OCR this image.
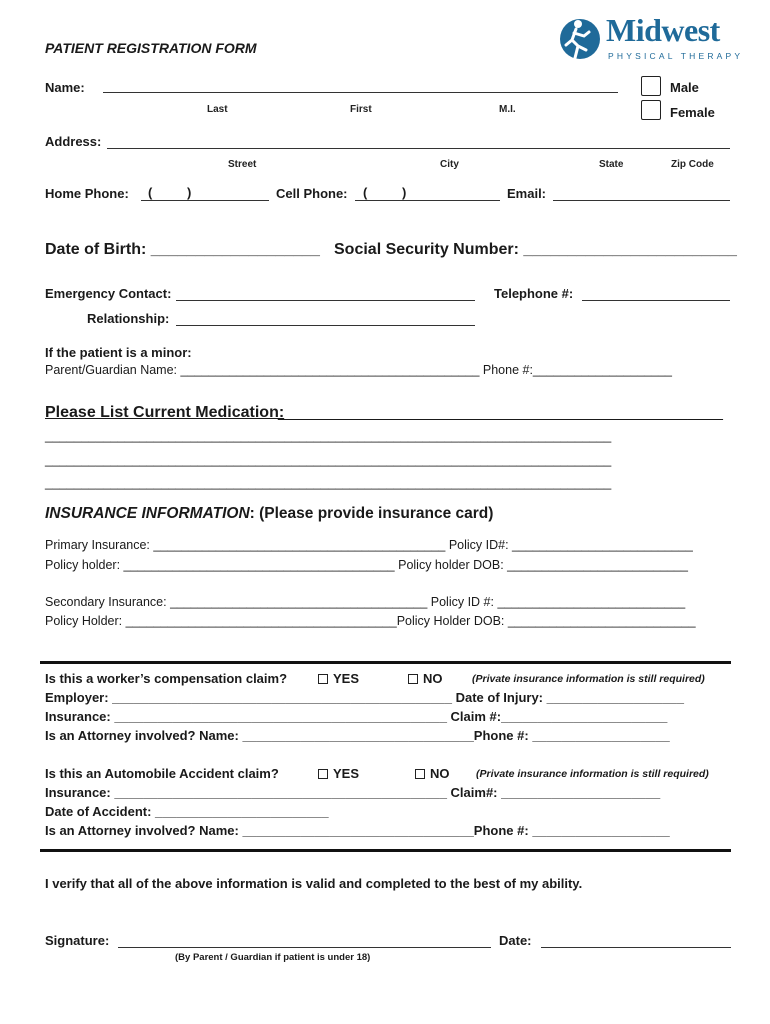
PATIENT REGISTRATION FORM	Midwest
PHYSICAL THERAPY
Name:
Last	First	M.I.
Male
Female
Address:
Street	City	State	Zip Code
Home Phone: (	)	Cell Phone: (	)	Email:
Date of Birth: ___________________ Social Security Number: ________________________
Emergency Contact:	Telephone #:
Relationship:
If the patient is a minor:
Parent/Guardian Name: ___________________________________________ Phone #:____________________
Please List Current Medication:
__________________________________________________
______________________________________________________________________________
______________________________________________________________________________
______________________________________________________________________________
INSURANCE INFORMATION: (Please provide insurance card)
Primary Insurance: __________________________________________ Policy ID#: __________________________
Policy holder: _______________________________________ Policy holder DOB: __________________________
Secondary Insurance: _____________________________________ Policy ID #: ___________________________
Policy Holder: _______________________________________Policy Holder DOB: ___________________________
Is this a worker’s compensation claim?	YES	NO	(Private insurance information is still required)
Employer: _______________________________________________ Date of Injury: ___________________
Insurance: ______________________________________________ Claim #:_______________________
Is an Attorney involved? Name: ________________________________Phone #: ___________________
Is this an Automobile Accident claim?	YES	NO	(Private insurance information is still required)
Insurance: ______________________________________________ Claim#: ______________________
Date of Accident: ________________________
Is an Attorney involved? Name: ________________________________Phone #: ___________________
I verify that all of the above information is valid and completed to the best of my ability.
Signature:	Date:
(By Parent / Guardian if patient is under 18)
